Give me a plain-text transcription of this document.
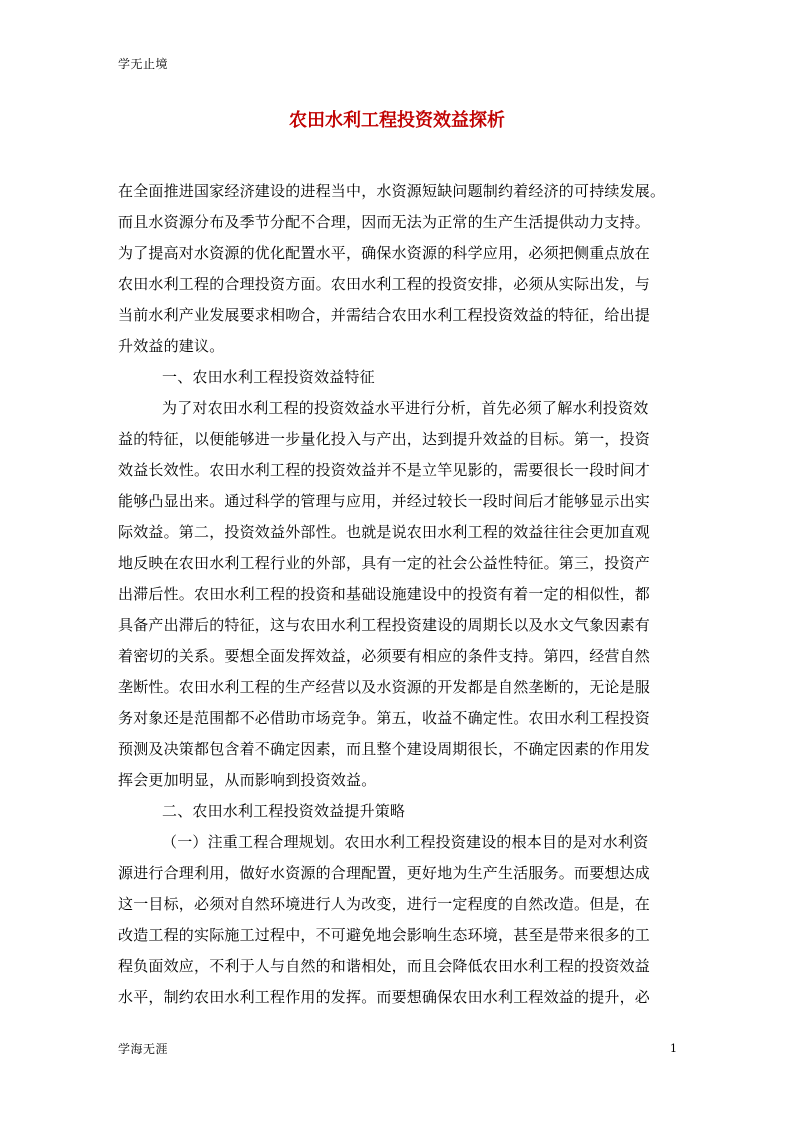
学无止境
农田水利工程投资效益探析
在全面推进国家经济建设的进程当中，水资源短缺问题制约着经济的可持续发展。
而且水资源分布及季节分配不合理，因而无法为正常的生产生活提供动力支持。
为了提高对水资源的优化配置水平，确保水资源的科学应用，必须把侧重点放在
农田水利工程的合理投资方面。农田水利工程的投资安排，必须从实际出发，与
当前水利产业发展要求相吻合，并需结合农田水利工程投资效益的特征，给出提
升效益的建议。
一、农田水利工程投资效益特征
为了对农田水利工程的投资效益水平进行分析，首先必须了解水利投资效
益的特征，以便能够进一步量化投入与产出，达到提升效益的目标。第一，投资
效益长效性。农田水利工程的投资效益并不是立竿见影的，需要很长一段时间才
能够凸显出来。通过科学的管理与应用，并经过较长一段时间后才能够显示出实
际效益。第二，投资效益外部性。也就是说农田水利工程的效益往往会更加直观
地反映在农田水利工程行业的外部，具有一定的社会公益性特征。第三，投资产
出滞后性。农田水利工程的投资和基础设施建设中的投资有着一定的相似性，都
具备产出滞后的特征，这与农田水利工程投资建设的周期长以及水文气象因素有
着密切的关系。要想全面发挥效益，必须要有相应的条件支持。第四，经营自然
垄断性。农田水利工程的生产经营以及水资源的开发都是自然垄断的，无论是服
务对象还是范围都不必借助市场竞争。第五，收益不确定性。农田水利工程投资
预测及决策都包含着不确定因素，而且整个建设周期很长，不确定因素的作用发
挥会更加明显，从而影响到投资效益。
二、农田水利工程投资效益提升策略
（一）注重工程合理规划。农田水利工程投资建设的根本目的是对水利资
源进行合理利用，做好水资源的合理配置，更好地为生产生活服务。而要想达成
这一目标，必须对自然环境进行人为改变，进行一定程度的自然改造。但是，在
改造工程的实际施工过程中，不可避免地会影响生态环境，甚至是带来很多的工
程负面效应，不利于人与自然的和谐相处，而且会降低农田水利工程的投资效益
水平，制约农田水利工程作用的发挥。而要想确保农田水利工程效益的提升，必
学海无涯	1
